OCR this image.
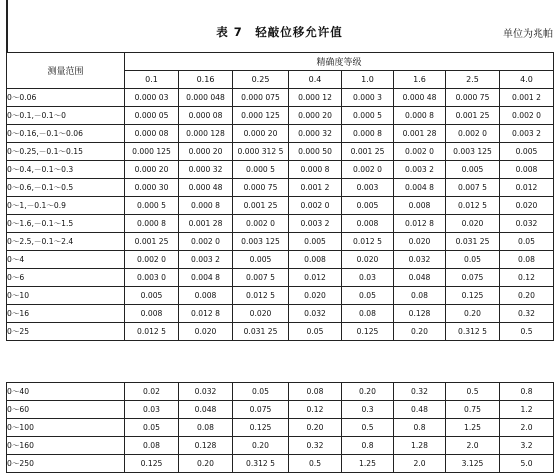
表 7　轻敲位移允许值	单位为兆帕
测量范围	精确度等级							
	0.1	0.16	0.25	0.4	1.0	1.6	2.5	4.0
0～0.06	0.000 03	0.000 048	0.000 075	0.000 12	0.000 3	0.000 48	0.000 75	0.001 2
0～0.1,－0.1～0	0.000 05	0.000 08	0.000 125	0.000 20	0.000 5	0.000 8	0.001 25	0.002 0
0～0.16,－0.1～0.06	0.000 08	0.000 128	0.000 20	0.000 32	0.000 8	0.001 28	0.002 0	0.003 2
0～0.25,－0.1～0.15	0.000 125	0.000 20	0.000 312 5	0.000 50	0.001 25	0.002 0	0.003 125	0.005
0～0.4,－0.1～0.3	0.000 20	0.000 32	0.000 5	0.000 8	0.002 0	0.003 2	0.005	0.008
0～0.6,－0.1～0.5	0.000 30	0.000 48	0.000 75	0.001 2	0.003	0.004 8	0.007 5	0.012
0～1,－0.1～0.9	0.000 5	0.000 8	0.001 25	0.002 0	0.005	0.008	0.012 5	0.020
0～1.6,－0.1～1.5	0.000 8	0.001 28	0.002 0	0.003 2	0.008	0.012 8	0.020	0.032
0～2.5,－0.1～2.4	0.001 25	0.002 0	0.003 125	0.005	0.012 5	0.020	0.031 25	0.05
0～4	0.002 0	0.003 2	0.005	0.008	0.020	0.032	0.05	0.08
0～6	0.003 0	0.004 8	0.007 5	0.012	0.03	0.048	0.075	0.12
0～10	0.005	0.008	0.012 5	0.020	0.05	0.08	0.125	0.20
0～16	0.008	0.012 8	0.020	0.032	0.08	0.128	0.20	0.32
0～25	0.012 5	0.020	0.031 25	0.05	0.125	0.20	0.312 5	0.5
0～40	0.02	0.032	0.05	0.08	0.20	0.32	0.5	0.8
0～60	0.03	0.048	0.075	0.12	0.3	0.48	0.75	1.2
0～100	0.05	0.08	0.125	0.20	0.5	0.8	1.25	2.0
0～160	0.08	0.128	0.20	0.32	0.8	1.28	2.0	3.2
0～250	0.125	0.20	0.312 5	0.5	1.25	2.0	3.125	5.0
